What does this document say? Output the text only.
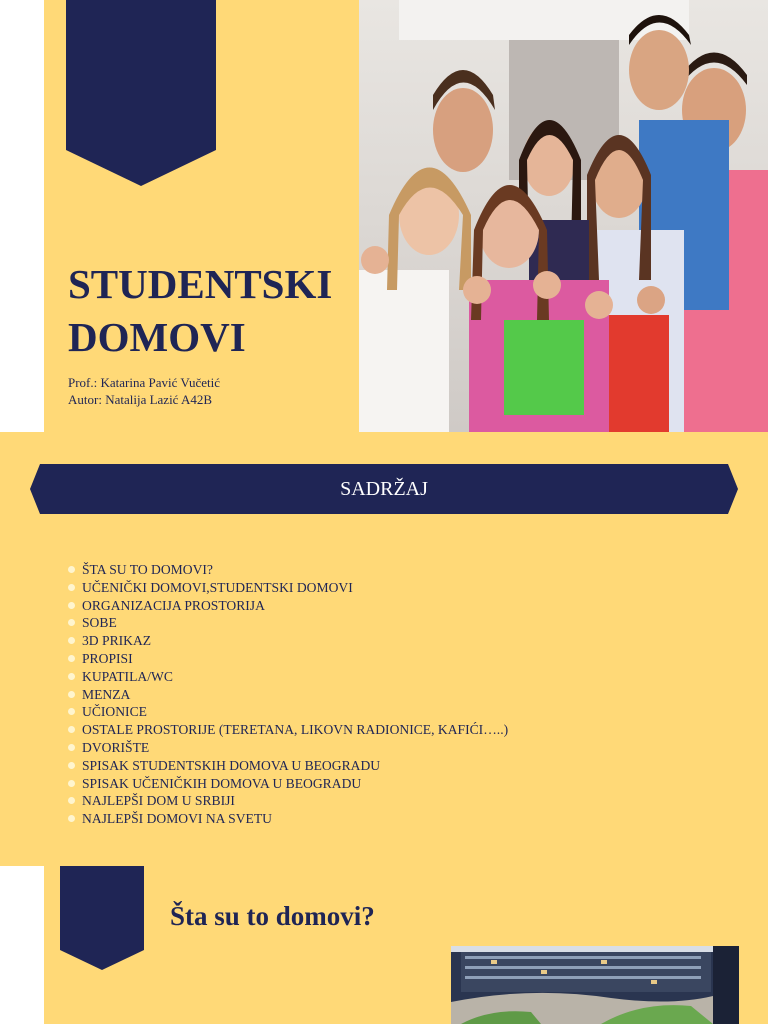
STUDENTSKI
DOMOVI
Prof.: Katarina Pavić Vučetić
Autor: Natalija Lazić A42B
SADRŽAJ
ŠTA SU TO DOMOVI?
UČENIČKI DOMOVI,STUDENTSKI DOMOVI
ORGANIZACIJA PROSTORIJA
SOBE
3D PRIKAZ
PROPISI
KUPATILA/WC
MENZA
UČIONICE
OSTALE PROSTORIJE (TERETANA, LIKOVN RADIONICE, KAFIĆI…..)
DVORIŠTE
SPISAK STUDENTSKIH DOMOVA U BEOGRADU
SPISAK UČENIČKIH DOMOVA U BEOGRADU
NAJLEPŠI DOM U SRBIJI
NAJLEPŠI DOMOVI NA SVETU
Šta su to domovi?
